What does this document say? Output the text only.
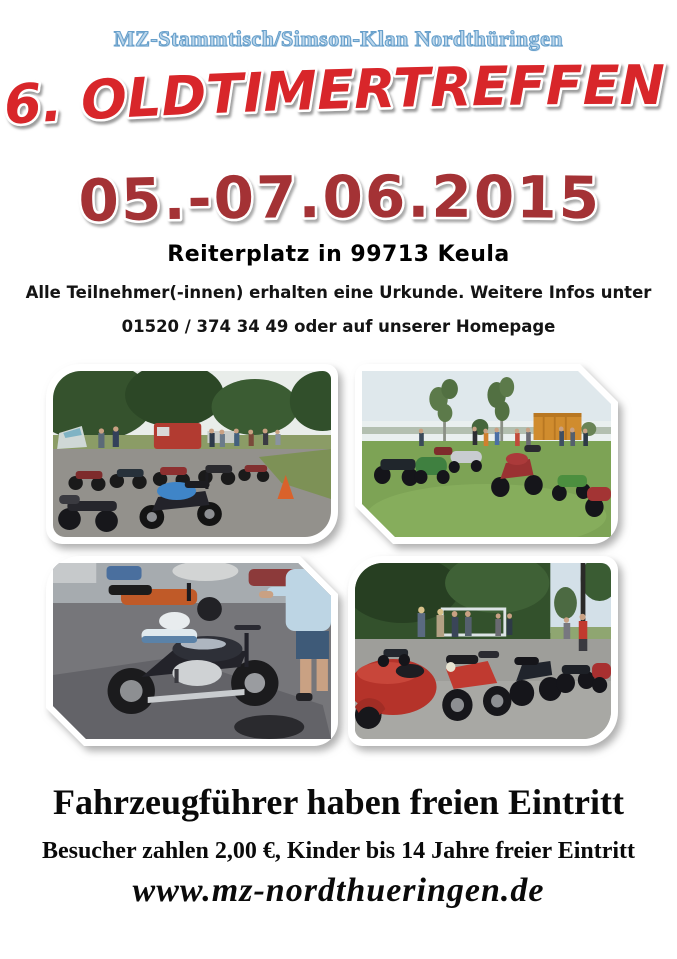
MZ-Stammtisch/Simson-Klan Nordthüringen
6. OLDTIMERTREFFEN
05.-07.06.2015
Reiterplatz in 99713 Keula
Alle Teilnehmer(-innen) erhalten eine Urkunde. Weitere Infos unter
01520 / 374 34 49 oder auf unserer Homepage
Fahrzeugführer haben freien Eintritt
Besucher zahlen 2,00 €, Kinder bis 14 Jahre freier Eintritt
www.mz-nordthueringen.de
